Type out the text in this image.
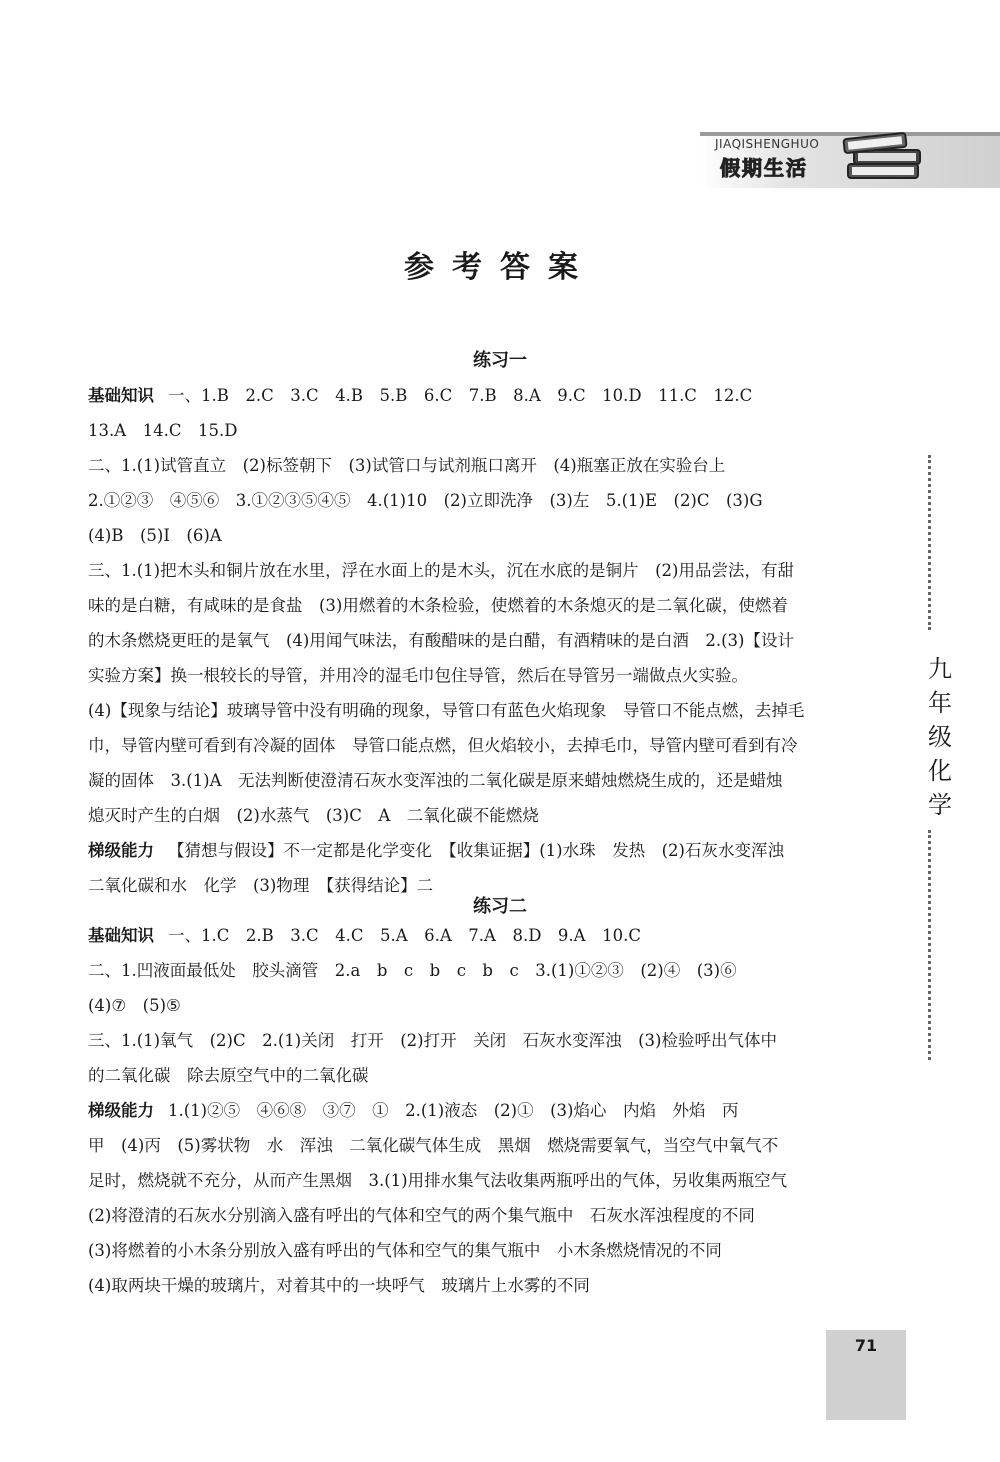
JIAQISHENGHUO
假期生活
参考答案
练习一
基础知识 一、1.B　2.C　3.C　4.B　5.B　6.C　7.B　8.A　9.C　10.D　11.C　12.C
13.A　14.C　15.D
二、1.(1)试管直立　(2)标签朝下　(3)试管口与试剂瓶口离开　(4)瓶塞正放在实验台上
2.①②③　④⑤⑥　3.①②③⑤④⑤　4.(1)10　(2)立即洗净　(3)左　5.(1)E　(2)C　(3)G
(4)B　(5)I　(6)A
三、1.(1)把木头和铜片放在水里，浮在水面上的是木头，沉在水底的是铜片　(2)用品尝法，有甜
味的是白糖，有咸味的是食盐　(3)用燃着的木条检验，使燃着的木条熄灭的是二氧化碳，使燃着
的木条燃烧更旺的是氧气　(4)用闻气味法，有酸醋味的是白醋，有酒精味的是白酒　2.(3)【设计
实验方案】换一根较长的导管，并用冷的湿毛巾包住导管，然后在导管另一端做点火实验。
(4)【现象与结论】玻璃导管中没有明确的现象，导管口有蓝色火焰现象　导管口不能点燃，去掉毛
巾，导管内壁可看到有冷凝的固体　导管口能点燃，但火焰较小，去掉毛巾，导管内壁可看到有冷
凝的固体　3.(1)A　无法判断使澄清石灰水变浑浊的二氧化碳是原来蜡烛燃烧生成的，还是蜡烛
熄灭时产生的白烟　(2)水蒸气　(3)C　A　二氧化碳不能燃烧
梯级能力 【猜想与假设】不一定都是化学变化　【收集证据】(1)水珠　发热　(2)石灰水变浑浊
二氧化碳和水　化学　(3)物理　【获得结论】二
练习二
基础知识 一、1.C　2.B　3.C　4.C　5.A　6.A　7.A　8.D　9.A　10.C
二、1.凹液面最低处　胶头滴管　2.a　b　c　b　c　b　c　3.(1)①②③　(2)④　(3)⑥
(4)⑦　(5)⑤
三、1.(1)氧气　(2)C　2.(1)关闭　打开　(2)打开　关闭　石灰水变浑浊　(3)检验呼出气体中
的二氧化碳　除去原空气中的二氧化碳
梯级能力 1.(1)②⑤　④⑥⑧　③⑦　①　2.(1)液态　(2)①　(3)焰心　内焰　外焰　丙
甲　(4)丙　(5)雾状物　水　浑浊　二氧化碳气体生成　黑烟　燃烧需要氧气，当空气中氧气不
足时，燃烧就不充分，从而产生黑烟　3.(1)用排水集气法收集两瓶呼出的气体，另收集两瓶空气
(2)将澄清的石灰水分别滴入盛有呼出的气体和空气的两个集气瓶中　石灰水浑浊程度的不同
(3)将燃着的小木条分别放入盛有呼出的气体和空气的集气瓶中　小木条燃烧情况的不同
(4)取两块干燥的玻璃片，对着其中的一块呼气　玻璃片上水雾的不同
九年级化学
71
